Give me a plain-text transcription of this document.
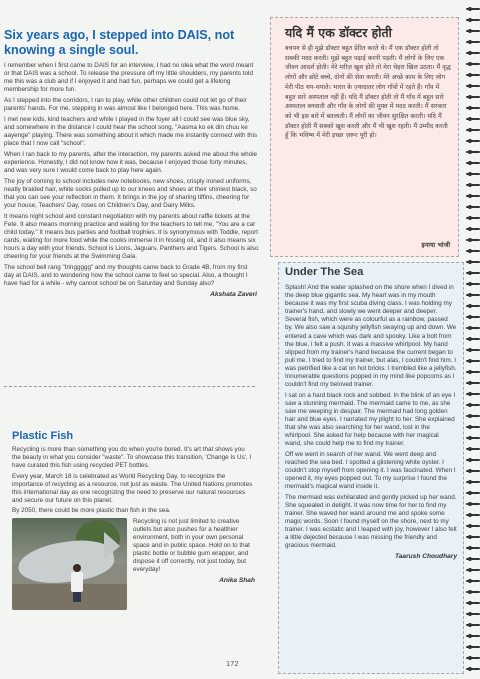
Six years ago, I stepped into DAIS, not knowing a single soul.

I remember when I first came to DAIS for an interview, I had no idea what the word meant or that DAIS was a school. To release the pressure off my little shoulders, my parents told me this was a club and if I enjoyed it and had fun, perhaps we could get a lifelong membership for more fun.

As I stepped into the corridors, I ran to play, while other children could not let go of their parents' hands. For me, stepping in was almost like I belonged here. This was home.

I met new kids, kind teachers and while I played in the foyer all I could see was blue sky, and somewhere in the distance I could hear the school song, "Aasma ko ek din chuu ke aayenge" playing. There was something about it which made me instantly connect with this place that I now call "school".

When I ran back to my parents, after the interaction, my parents asked me about the whole experience. Honestly, I did not know how it was, because I enjoyed those forty minutes, and was very sure I would come back to play here again.

The joy of coming to school includes new notebooks, new shoes, crisply ironed uniforms, neatly braided hair, white socks pulled up to our knees and shoes at their shiniest black, so that you can see your reflection in them. It brings in the joy of sharing tiffins, cheering for your house, Teachers' Day, roses on Children's Day, and Dairy Milks.

It means night school and constant negotiation with my parents about raffle tickets at the Fete. It also means morning practice and waiting for the teachers to tell me, "You are a car child today." It means bus parties and football trophies. It is synonymous with Toddle, report cards, waiting for more food while the cooks immerse it in hissing oil, and it also means six hours a day with your friends. School is Lions, Jaguars, Panthers and Tigers. School is also cheering for your friends at the Swimming Gala.

The school bell rang "tringgggg" and my thoughts came back to Grade 4B, from my first day at DAIS, and to wondering how the school came to feel so special. Also, a thought I have had for a while - why cannot school be on Saturday and Sunday also?

Akshata Zaveri
Plastic Fish

Recycling is more than something you do when you're bored. It's art that shows you the beauty in what you consider "waste". To showcase this transition, 'Change Is Us', I have curated this fish using recycled PET bottles.

Every year, March 18 is celebrated as World Recycling Day, to recognize the importance of recycling as a resource, not just as waste. The United Nations promotes this international day as one recognizing the need to preserve our natural resources and secure our future on this planet.

By 2050, there could be more plastic than fish in the sea.

Recycling is not just limited to creative outlets but also pushes for a healthier environment, both in your own personal space and in public space. Hold on to that plastic bottle or bubble gum wrapper, and dispose it off correctly, not just today, but everyday!

Anika Shah
यदि मैं एक डॉक्टर होती
बचपन से ही मुझे डॉक्टर बहुत प्रेरित करते थे। मैं एक डॉक्टर होती तो सबकी मदद करती। मुझे बहुत पढ़ाई करनी पड़ती। मैं लोगों के लिए एक जीवन आदर्श होती। मेरे मरीज़ खुश होते तो मेरा चेहरा खिल उठता। मैं वृद्ध लोगों और छोटे बच्चे, दोनों की सेवा करती। मेरे अच्छे काम के लिए लोग मेरी पीठ थप-थपाते। भारत के ज़्यादातर लोग गाँवों में रहते हैं। गाँव में बहुत सारे अस्पताल नहीं हैं। यदि मैं डॉक्टर होती तो मैं गाँव में बहुत सारे अस्पताल बनवाती और गाँव के लोगों की मुफ़्त में मदद करती। मैं सरकार को भी इस बारे में बतलाती। मैं लोगों का जीवन सुरक्षित करती। यदि मैं डॉक्टर होती मैं सबको खुश करती और मैं भी खुश रहती। मैं उम्मीद करती हूँ कि भविष्य में मेरी इच्छा ज़रूर पूरी हो।
इनाया भांजी
Under The Sea

Splash! And the water splashed on the shore when I dived in the deep blue gigantic sea. My heart was in my mouth because it was my first scuba diving class. I was holding my trainer's hand, and slowly we went deeper and deeper. Several fish, which were as colourful as a rainbow, passed by. We also saw a squishy jellyfish swaying up and down. We entered a cave which was dark and spooky. Like a bolt from the blue, I felt a push. It was a massive whirlpool. My hand slipped from my trainer's hand because the current began to pull me. I tried to find my trainer, but alas, I couldn't find him. I was petrified like a cat on hot bricks. I trembled like a jellyfish. Innumerable questions popped in my mind like popcorns as I couldn't find my beloved trainer.

I sat on a hard black rock and sobbed. In the blink of an eye I saw a stunning mermaid. The mermaid came to me, as she saw me weeping in despair. The mermaid had long golden hair and blue eyes. I narrated my plight to her. She explained that she was also searching for her wand, lost in the whirlpool. She asked for help because with her magical wand, she could help me to find my trainer.

Off we went in search of her wand. We went deep and reached the sea bed. I spotted a glistening white oyster. I couldn't stop myself from opening it. I was fascinated. When I opened it, my eyes popped out. To my surprise I found the mermaid's magical wand inside it.

The mermaid was exhilarated and gently picked up her wand. She squealed in delight. It was now time for her to find my trainer. She waved her wand around me and spoke some magic words. Soon I found myself on the shore, next to my trainer. I was ecstatic and I leaped with joy, however I also felt a little dejected because I was missing the friendly and gracious mermaid.

Taarush Choudhary
172
